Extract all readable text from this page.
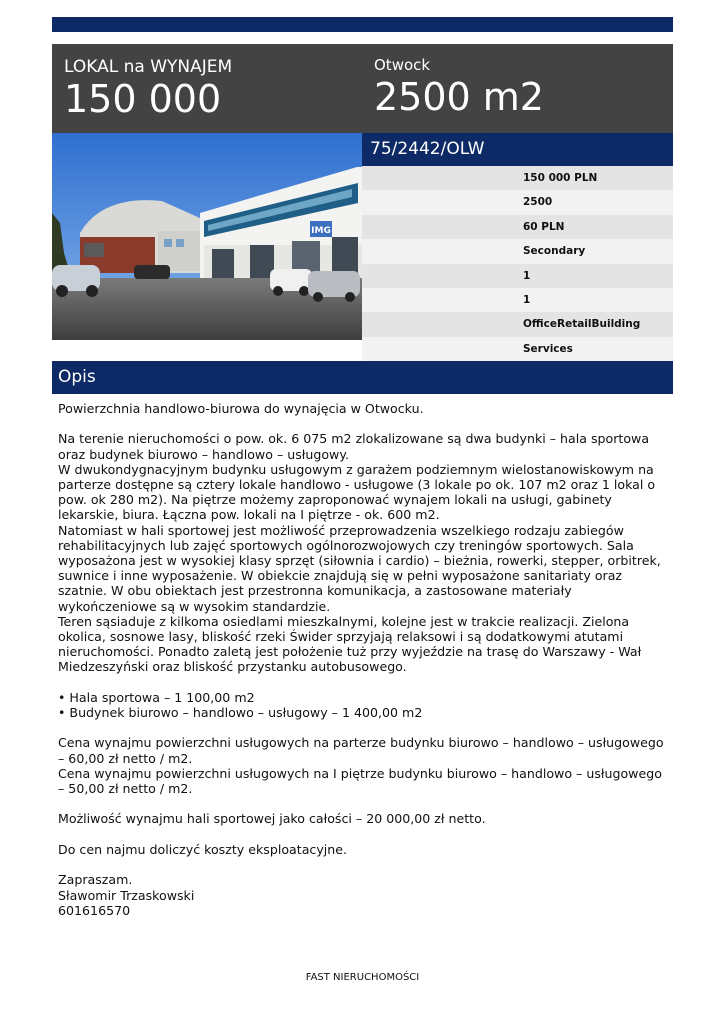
LOKAL na WYNAJEM
150 000
Otwock
2500 m2
IMG
75/2442/OLW
150 000 PLN
2500
60 PLN
Secondary
1
1
OfficeRetailBuilding
Services
Opis

Powierzchnia handlowo-biurowa do wynajęcia w Otwocku.

Na terenie nieruchomości o pow. ok. 6 075 m2 zlokalizowane są dwa budynki – hala sportowa oraz budynek biurowo – handlowo – usługowy.

W dwukondygnacyjnym budynku usługowym z garażem podziemnym wielostanowiskowym na parterze dostępne są cztery lokale handlowo - usługowe (3 lokale po ok. 107 m2 oraz 1 lokal o pow. ok 280 m2). Na piętrze możemy zaproponować wynajem lokali na usługi, gabinety lekarskie, biura. Łączna pow. lokali na I piętrze - ok. 600 m2.

Natomiast w hali sportowej jest możliwość przeprowadzenia wszelkiego rodzaju zabiegów rehabilitacyjnych lub zajęć sportowych ogólnorozwojowych czy treningów sportowych. Sala wyposażona jest w wysokiej klasy sprzęt (siłownia i cardio) – bieżnia, rowerki, stepper, orbitrek, suwnice i inne wyposażenie. W obiekcie znajdują się w pełni wyposażone sanitariaty oraz szatnie. W obu obiektach jest przestronna komunikacja, a zastosowane materiały wykończeniowe są w wysokim standardzie.

Teren sąsiaduje z kilkoma osiedlami mieszkalnymi, kolejne jest w trakcie realizacji. Zielona okolica, sosnowe lasy, bliskość rzeki Świder sprzyjają relaksowi i są dodatkowymi atutami nieruchomości. Ponadto zaletą jest położenie tuż przy wyjeździe na trasę do Warszawy - Wał Miedzeszyński oraz bliskość przystanku autobusowego.

• Hala sportowa – 1 100,00 m2

• Budynek biurowo – handlowo – usługowy – 1 400,00 m2

Cena wynajmu powierzchni usługowych na parterze budynku biurowo – handlowo – usługowego – 60,00 zł netto / m2.

Cena wynajmu powierzchni usługowych na I piętrze budynku biurowo – handlowo – usługowego – 50,00 zł netto / m2.

Możliwość wynajmu hali sportowej jako całości – 20 000,00 zł netto.

Do cen najmu doliczyć koszty eksploatacyjne.

Zapraszam.

Sławomir Trzaskowski

601616570

FAST NIERUCHOMOŚCI
